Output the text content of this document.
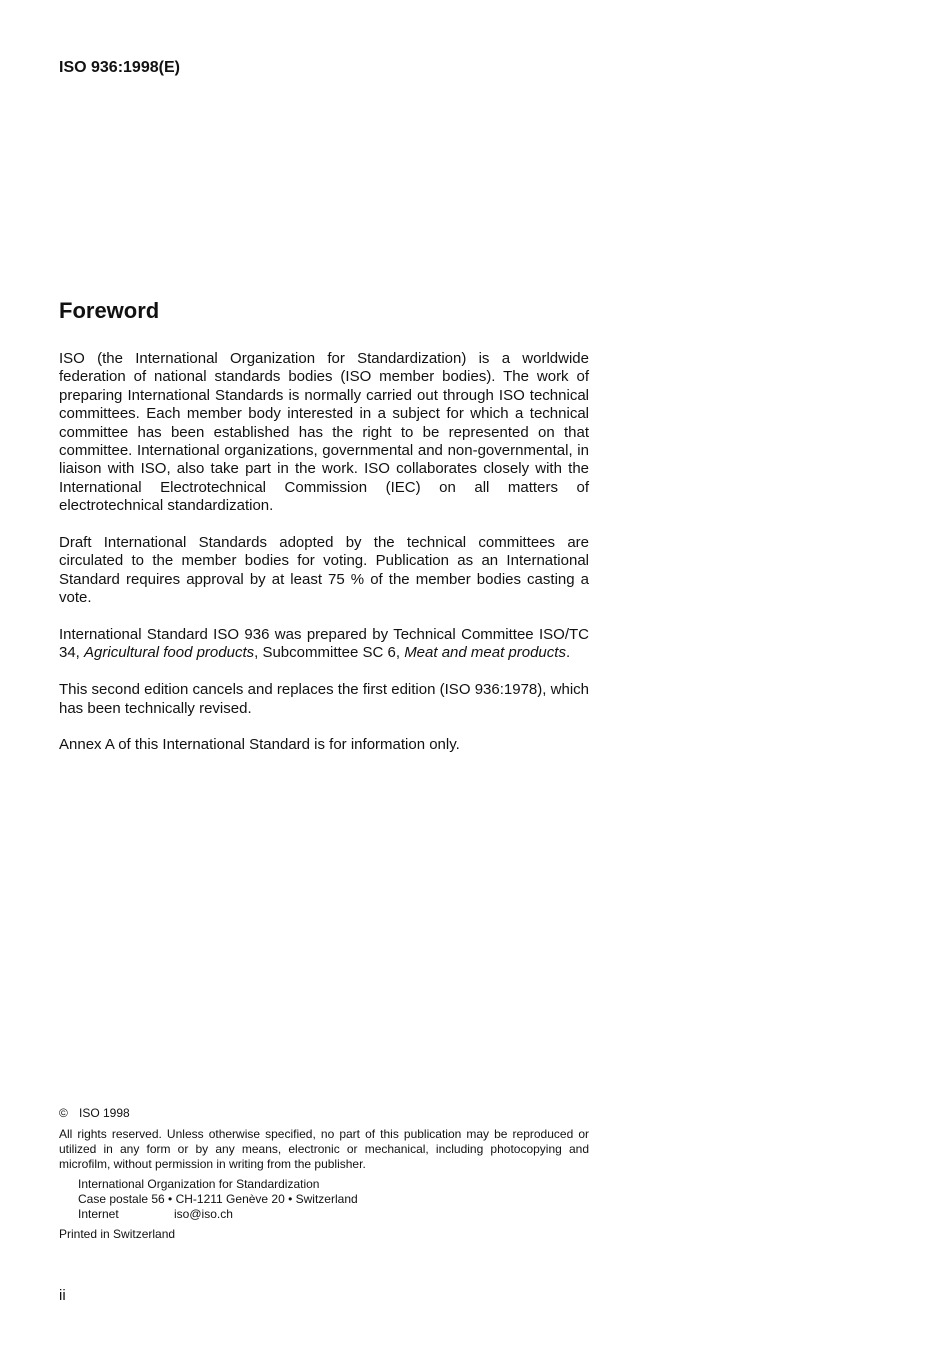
ISO 936:1998(E)
Foreword

ISO (the International Organization for Standardization) is a worldwide federation of national standards bodies (ISO member bodies). The work of preparing International Standards is normally carried out through ISO technical committees. Each member body interested in a subject for which a technical committee has been established has the right to be represented on that committee. International organizations, governmental and non-governmental, in liaison with ISO, also take part in the work. ISO collaborates closely with the International Electrotechnical Commission (IEC) on all matters of electrotechnical standardization.

Draft International Standards adopted by the technical committees are circulated to the member bodies for voting. Publication as an International Standard requires approval by at least 75 % of the member bodies casting a vote.

International Standard ISO 936 was prepared by Technical Committee ISO/TC 34, Agricultural food products, Subcommittee SC 6, Meat and meat products.

This second edition cancels and replaces the first edition (ISO 936:1978), which has been technically revised.

Annex A of this International Standard is for information only.

© ISO 1998
All rights reserved. Unless otherwise specified, no part of this publication may be reproduced or utilized in any form or by any means, electronic or mechanical, including photocopying and microfilm, without permission in writing from the publisher.
International Organization for Standardization
Case postale 56 • CH-1211 Genève 20 • Switzerland
Internet	iso@iso.ch
Printed in Switzerland
ii
